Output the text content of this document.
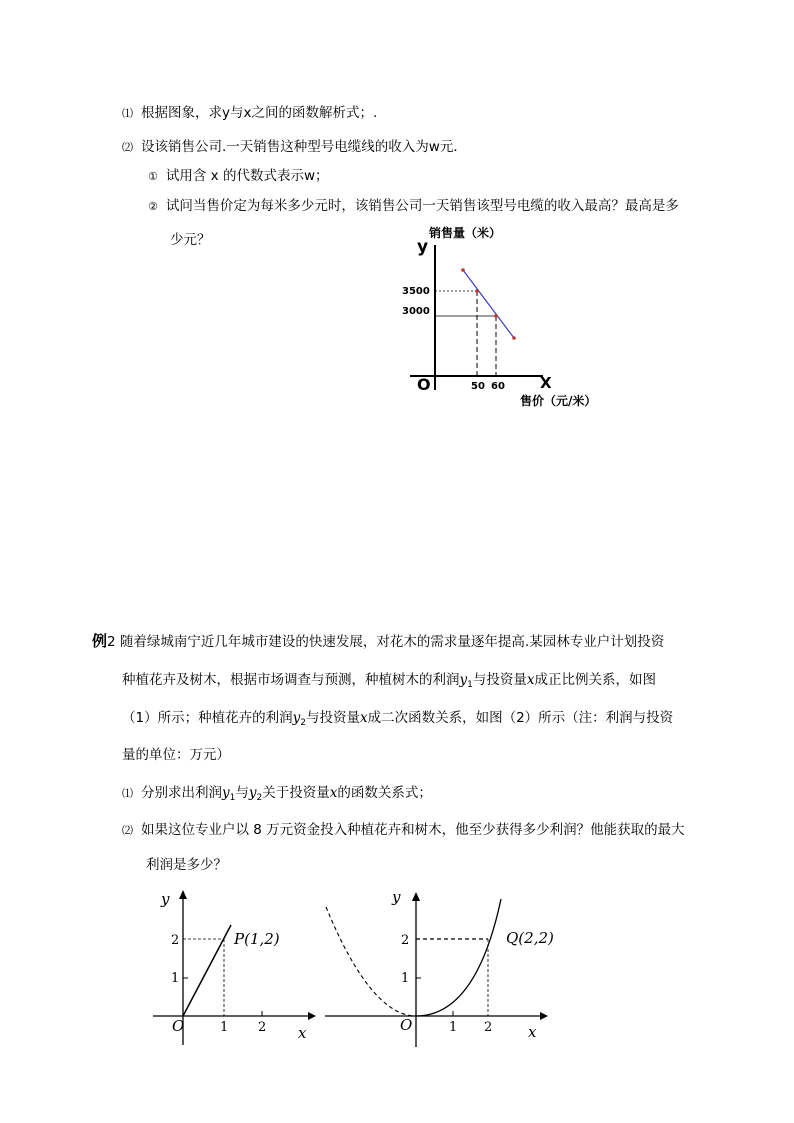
⑴ 根据图象，求y与x之间的函数解析式；.
⑵ 设该销售公司.一天销售这种型号电缆线的收入为w元．
① 试用含 x 的代数式表示w；
② 试问当售价定为每米多少元时，该销售公司一天销售该型号电缆的收入最高？最高是多
少元？	y
销售量（米）
3500
3000
O	50 60 X
售价（元/米）
例2 随着绿城南宁近几年城市建设的快速发展，对花木的需求量逐年提高.某园林专业户计划投资
种植花卉及树木，根据市场调查与预测，种植树木的利润$y_1$与投资量x成正比例关系，如图
（1）所示；种植花卉的利润$y_2$与投资量x成二次函数关系，如图（2）所示（注：利润与投资
量的单位：万元）
⑴ 分别求出利润$y_1$与$y_2$关于投资量x的函数关系式；
⑵ 如果这位专业户以 8 万元资金投入种植花卉和树木，他至少获得多少利润？他能获取的最大
利润是多少？
y
2
1
O	1 2 x
P(1,2)
y
2
1
O	1 2 x
Q(2,2)
